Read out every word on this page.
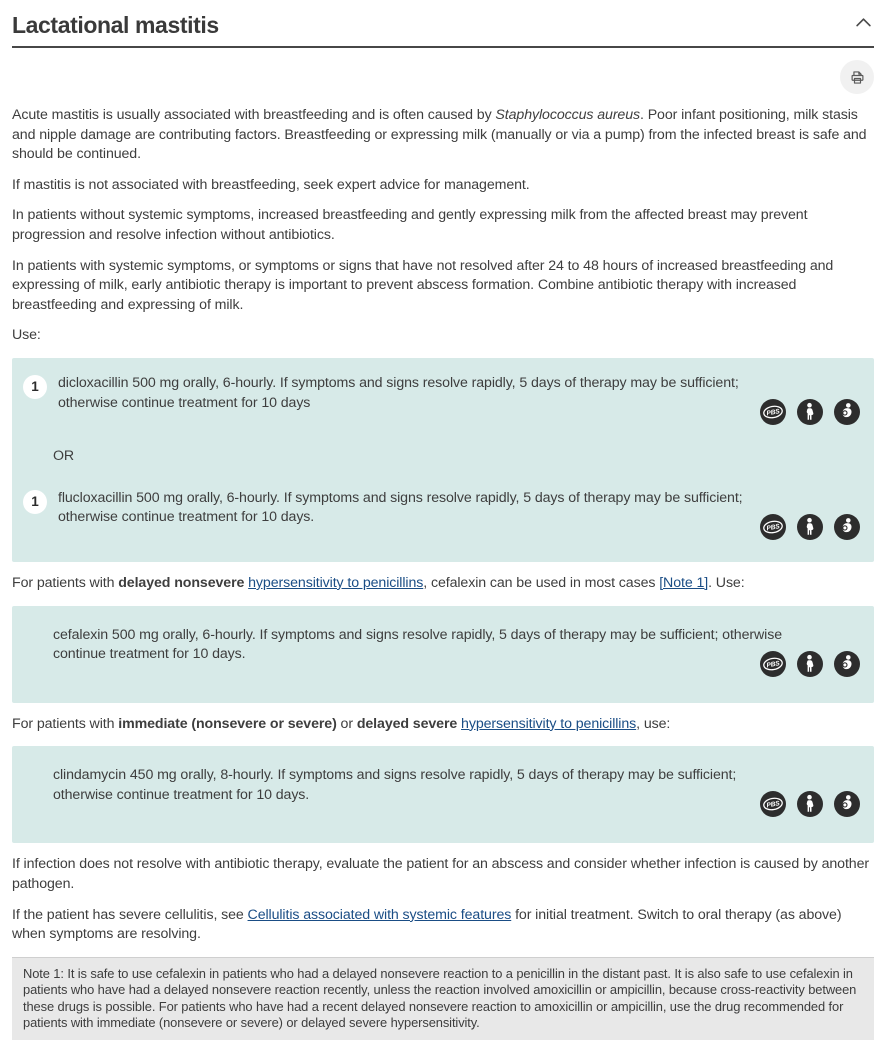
Lactational mastitis

Acute mastitis is usually associated with breastfeeding and is often caused by Staphylococcus aureus. Poor infant positioning, milk stasis and nipple damage are contributing factors. Breastfeeding or expressing milk (manually or via a pump) from the infected breast is safe and should be continued.

If mastitis is not associated with breastfeeding, seek expert advice for management.

In patients without systemic symptoms, increased breastfeeding and gently expressing milk from the affected breast may prevent progression and resolve infection without antibiotics.

In patients with systemic symptoms, or symptoms or signs that have not resolved after 24 to 48 hours of increased breastfeeding and expressing of milk, early antibiotic therapy is important to prevent abscess formation. Combine antibiotic therapy with increased breastfeeding and expressing of milk.

Use:

1	dicloxacillin 500 mg orally, 6-hourly. If symptoms and signs resolve rapidly, 5 days of therapy may be sufficient; otherwise continue treatment for 10 days

PBS

OR

1	flucloxacillin 500 mg orally, 6-hourly. If symptoms and signs resolve rapidly, 5 days of therapy may be sufficient; otherwise continue treatment for 10 days.

PBS

For patients with delayed nonsevere hypersensitivity to penicillins, cefalexin can be used in most cases [Note 1]. Use:

cefalexin 500 mg orally, 6-hourly. If symptoms and signs resolve rapidly, 5 days of therapy may be sufficient; otherwise continue treatment for 10 days.

PBS

For patients with immediate (nonsevere or severe) or delayed severe hypersensitivity to penicillins, use:

clindamycin 450 mg orally, 8-hourly. If symptoms and signs resolve rapidly, 5 days of therapy may be sufficient; otherwise continue treatment for 10 days.

PBS

If infection does not resolve with antibiotic therapy, evaluate the patient for an abscess and consider whether infection is caused by another pathogen.

If the patient has severe cellulitis, see Cellulitis associated with systemic features for initial treatment. Switch to oral therapy (as above) when symptoms are resolving.

Note 1: It is safe to use cefalexin in patients who had a delayed nonsevere reaction to a penicillin in the distant past. It is also safe to use cefalexin in patients who have had a delayed nonsevere reaction recently, unless the reaction involved amoxicillin or ampicillin, because cross-reactivity between these drugs is possible. For patients who have had a recent delayed nonsevere reaction to amoxicillin or ampicillin, use the drug recommended for patients with immediate (nonsevere or severe) or delayed severe hypersensitivity.
